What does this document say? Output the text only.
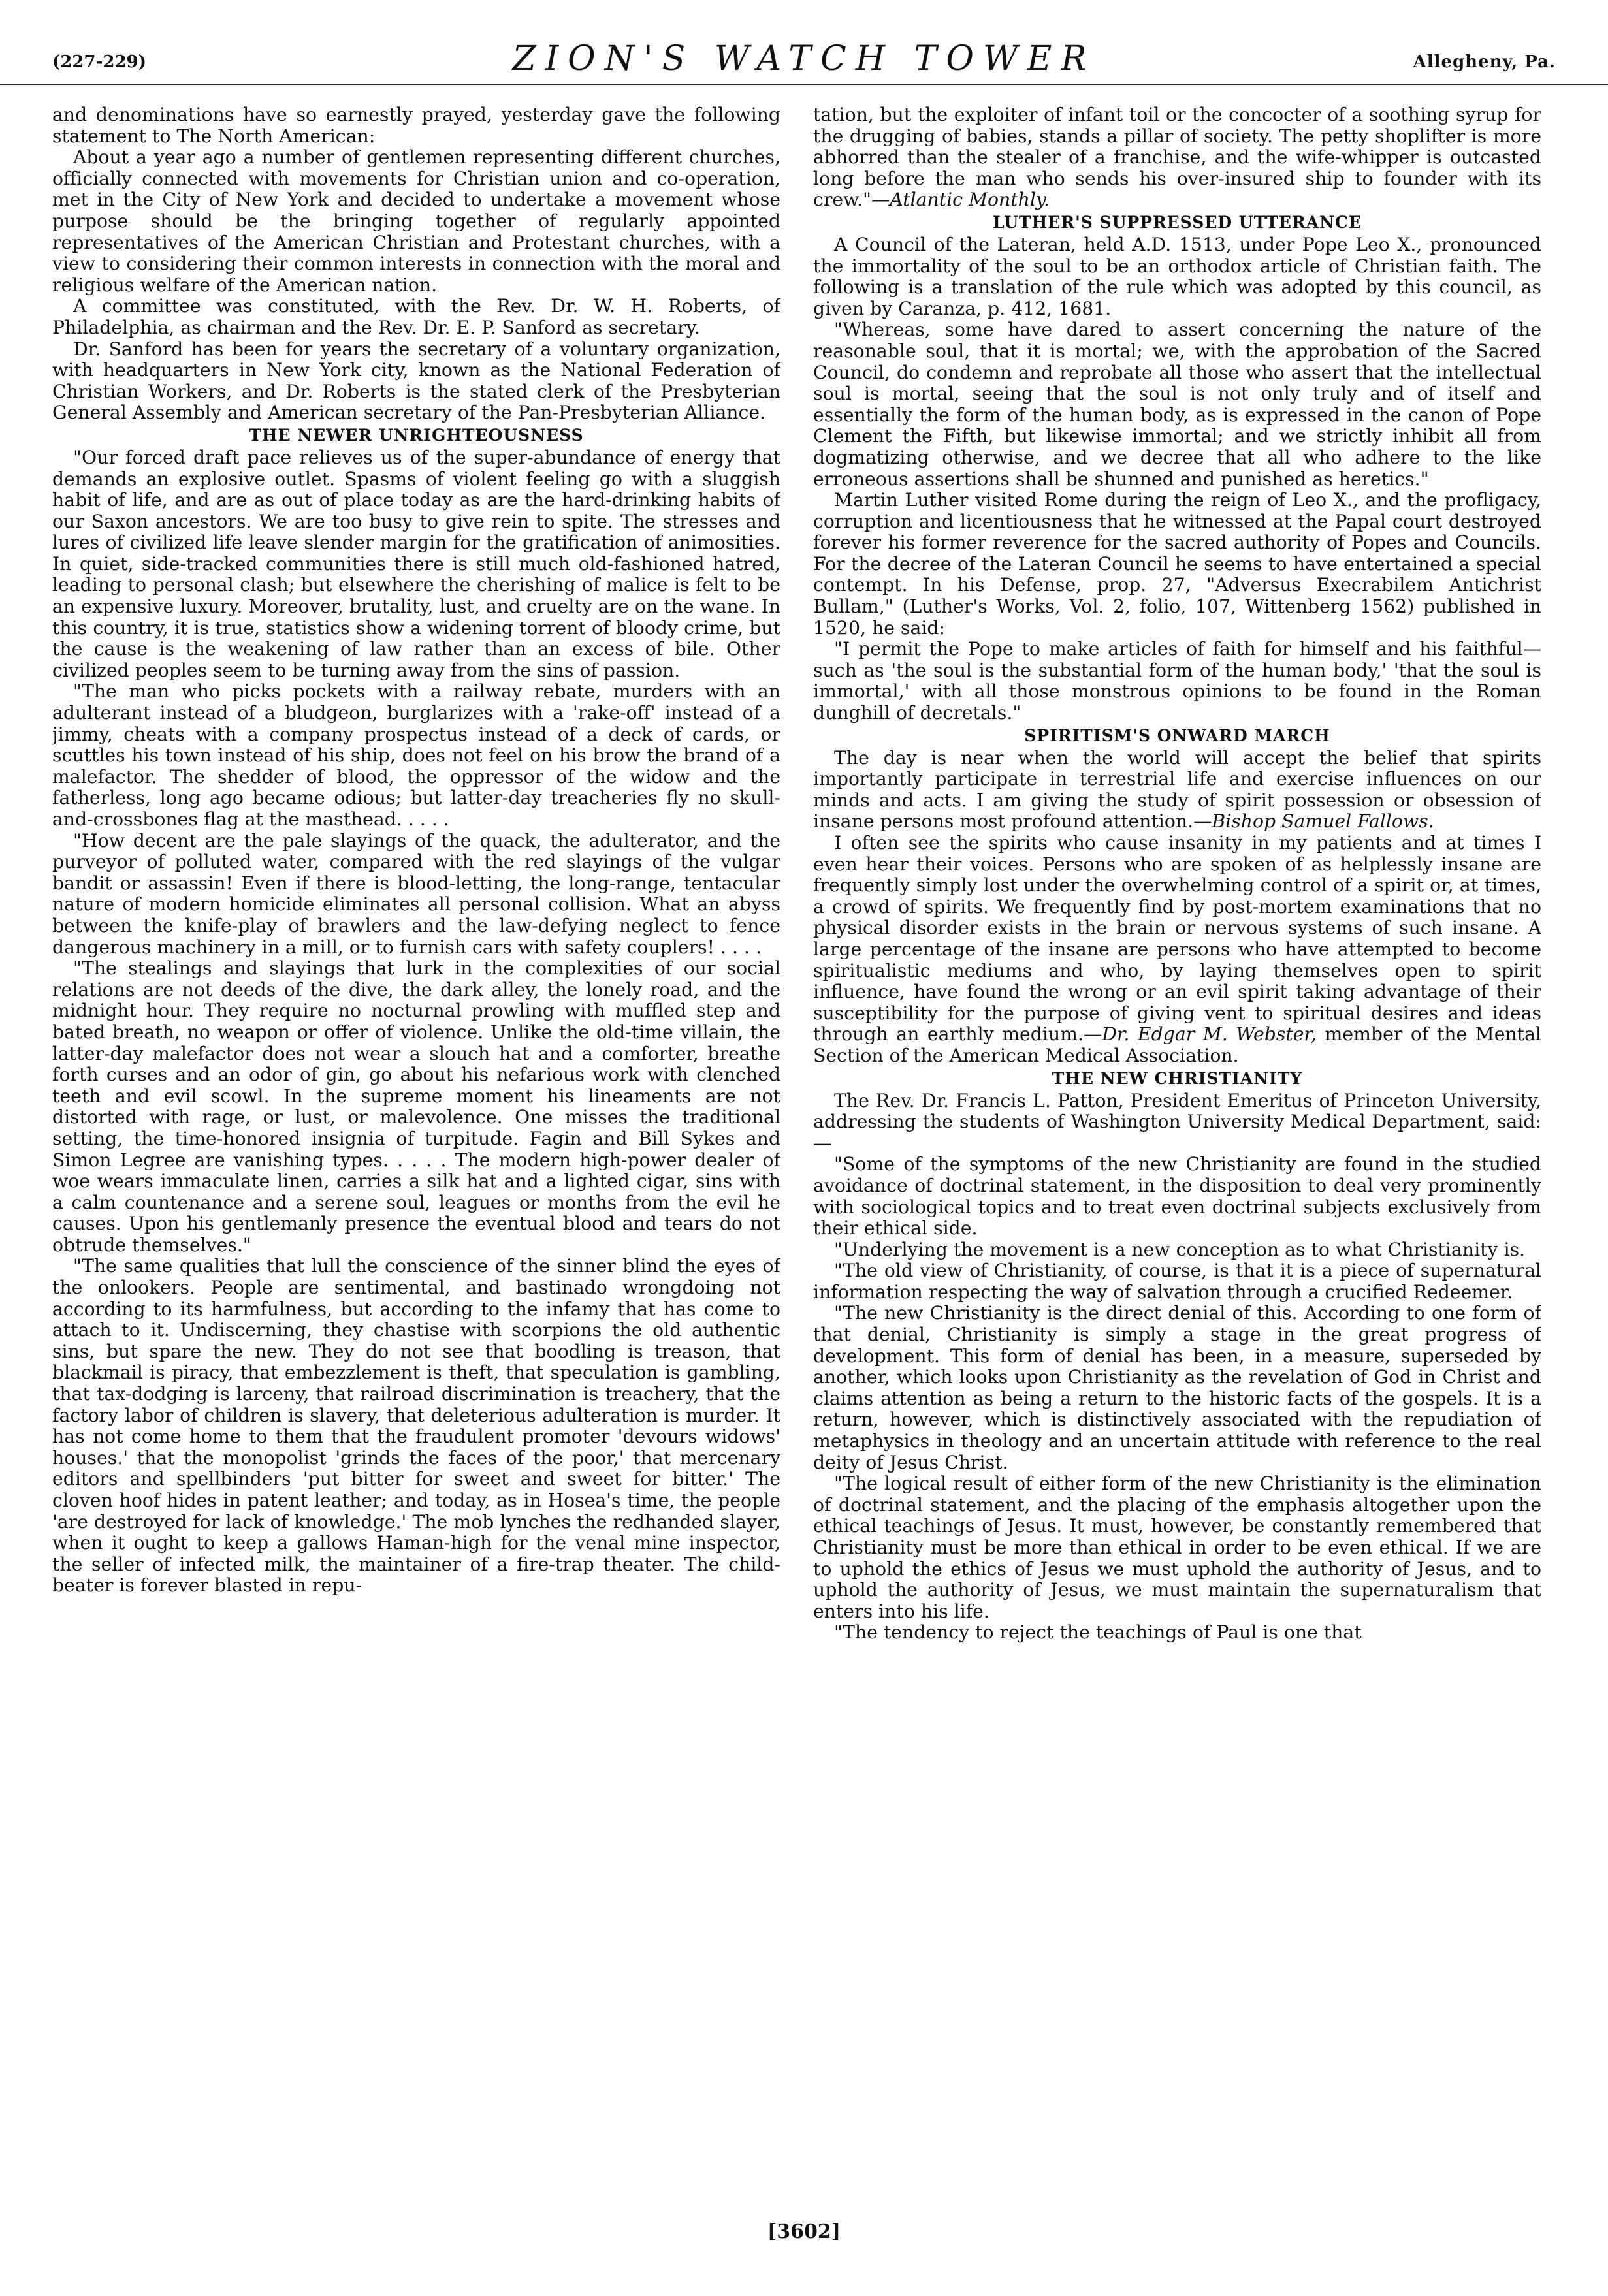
(227-229)	ZION'S WATCH TOWER	Allegheny, Pa.

and denominations have so earnestly prayed, yesterday gave the following statement to The North American:

About a year ago a number of gentlemen representing different churches, officially connected with movements for Christian union and co-operation, met in the City of New York and decided to undertake a movement whose purpose should be the bringing together of regularly appointed representatives of the American Christian and Protestant churches, with a view to considering their common interests in connection with the moral and religious welfare of the American nation.

A committee was constituted, with the Rev. Dr. W. H. Roberts, of Philadelphia, as chairman and the Rev. Dr. E. P. Sanford as secretary.

Dr. Sanford has been for years the secretary of a voluntary organization, with headquarters in New York city, known as the National Federation of Christian Workers, and Dr. Roberts is the stated clerk of the Presbyterian General Assembly and American secretary of the Pan-Presbyterian Alliance.

THE NEWER UNRIGHTEOUSNESS

"Our forced draft pace relieves us of the super-abundance of energy that demands an explosive outlet. Spasms of violent feeling go with a sluggish habit of life, and are as out of place today as are the hard-drinking habits of our Saxon ancestors. We are too busy to give rein to spite. The stresses and lures of civilized life leave slender margin for the gratification of animosities. In quiet, side-tracked communities there is still much old-fashioned hatred, leading to personal clash; but elsewhere the cherishing of malice is felt to be an expensive luxury. Moreover, brutality, lust, and cruelty are on the wane. In this country, it is true, statistics show a widening torrent of bloody crime, but the cause is the weakening of law rather than an excess of bile. Other civilized peoples seem to be turning away from the sins of passion.

"The man who picks pockets with a railway rebate, murders with an adulterant instead of a bludgeon, burglarizes with a 'rake-off' instead of a jimmy, cheats with a company prospectus instead of a deck of cards, or scuttles his town instead of his ship, does not feel on his brow the brand of a malefactor. The shedder of blood, the oppressor of the widow and the fatherless, long ago became odious; but latter-day treacheries fly no skull-and-crossbones flag at the masthead. . . . .

"How decent are the pale slayings of the quack, the adulterator, and the purveyor of polluted water, compared with the red slayings of the vulgar bandit or assassin! Even if there is blood-letting, the long-range, tentacular nature of modern homicide eliminates all personal collision. What an abyss between the knife-play of brawlers and the law-defying neglect to fence dangerous machinery in a mill, or to furnish cars with safety couplers! . . . .

"The stealings and slayings that lurk in the complexities of our social relations are not deeds of the dive, the dark alley, the lonely road, and the midnight hour. They require no nocturnal prowling with muffled step and bated breath, no weapon or offer of violence. Unlike the old-time villain, the latter-day malefactor does not wear a slouch hat and a comforter, breathe forth curses and an odor of gin, go about his nefarious work with clenched teeth and evil scowl. In the supreme moment his lineaments are not distorted with rage, or lust, or malevolence. One misses the traditional setting, the time-honored insignia of turpitude. Fagin and Bill Sykes and Simon Legree are vanishing types. . . . . The modern high-power dealer of woe wears immaculate linen, carries a silk hat and a lighted cigar, sins with a calm countenance and a serene soul, leagues or months from the evil he causes. Upon his gentlemanly presence the eventual blood and tears do not obtrude themselves."

"The same qualities that lull the conscience of the sinner blind the eyes of the onlookers. People are sentimental, and bastinado wrongdoing not according to its harmfulness, but according to the infamy that has come to attach to it. Undiscerning, they chastise with scorpions the old authentic sins, but spare the new. They do not see that boodling is treason, that blackmail is piracy, that embezzlement is theft, that speculation is gambling, that tax-dodging is larceny, that railroad discrimination is treachery, that the factory labor of children is slavery, that deleterious adulteration is murder. It has not come home to them that the fraudulent promoter 'devours widows' houses.' that the monopolist 'grinds the faces of the poor,' that mercenary editors and spellbinders 'put bitter for sweet and sweet for bitter.' The cloven hoof hides in patent leather; and today, as in Hosea's time, the people 'are destroyed for lack of knowledge.' The mob lynches the redhanded slayer, when it ought to keep a gallows Haman-high for the venal mine inspector, the seller of infected milk, the maintainer of a fire-trap theater. The child-beater is forever blasted in repu-

tation, but the exploiter of infant toil or the concocter of a soothing syrup for the drugging of babies, stands a pillar of society. The petty shoplifter is more abhorred than the stealer of a franchise, and the wife-whipper is outcasted long before the man who sends his over-insured ship to founder with its crew."—Atlantic Monthly.

LUTHER'S SUPPRESSED UTTERANCE

A Council of the Lateran, held A.D. 1513, under Pope Leo X., pronounced the immortality of the soul to be an orthodox article of Christian faith. The following is a translation of the rule which was adopted by this council, as given by Caranza, p. 412, 1681.

"Whereas, some have dared to assert concerning the nature of the reasonable soul, that it is mortal; we, with the approbation of the Sacred Council, do condemn and reprobate all those who assert that the intellectual soul is mortal, seeing that the soul is not only truly and of itself and essentially the form of the human body, as is expressed in the canon of Pope Clement the Fifth, but likewise immortal; and we strictly inhibit all from dogmatizing otherwise, and we decree that all who adhere to the like erroneous assertions shall be shunned and punished as heretics."

Martin Luther visited Rome during the reign of Leo X., and the profligacy, corruption and licentiousness that he witnessed at the Papal court destroyed forever his former reverence for the sacred authority of Popes and Councils. For the decree of the Lateran Council he seems to have entertained a special contempt. In his Defense, prop. 27, "Adversus Execrabilem Antichrist Bullam," (Luther's Works, Vol. 2, folio, 107, Wittenberg 1562) published in 1520, he said:

"I permit the Pope to make articles of faith for himself and his faithful—such as 'the soul is the substantial form of the human body,' 'that the soul is immortal,' with all those monstrous opinions to be found in the Roman dunghill of decretals."

SPIRITISM'S ONWARD MARCH

The day is near when the world will accept the belief that spirits importantly participate in terrestrial life and exercise influences on our minds and acts. I am giving the study of spirit possession or obsession of insane persons most profound attention.—Bishop Samuel Fallows.

I often see the spirits who cause insanity in my patients and at times I even hear their voices. Persons who are spoken of as helplessly insane are frequently simply lost under the overwhelming control of a spirit or, at times, a crowd of spirits. We frequently find by post-mortem examinations that no physical disorder exists in the brain or nervous systems of such insane. A large percentage of the insane are persons who have attempted to become spiritualistic mediums and who, by laying themselves open to spirit influence, have found the wrong or an evil spirit taking advantage of their susceptibility for the purpose of giving vent to spiritual desires and ideas through an earthly medium.—Dr. Edgar M. Webster, member of the Mental Section of the American Medical Association.

THE NEW CHRISTIANITY

The Rev. Dr. Francis L. Patton, President Emeritus of Princeton University, addressing the students of Washington University Medical Department, said:—

"Some of the symptoms of the new Christianity are found in the studied avoidance of doctrinal statement, in the disposition to deal very prominently with sociological topics and to treat even doctrinal subjects exclusively from their ethical side.

"Underlying the movement is a new conception as to what Christianity is.

"The old view of Christianity, of course, is that it is a piece of supernatural information respecting the way of salvation through a crucified Redeemer.

"The new Christianity is the direct denial of this. According to one form of that denial, Christianity is simply a stage in the great progress of development. This form of denial has been, in a measure, superseded by another, which looks upon Christianity as the revelation of God in Christ and claims attention as being a return to the historic facts of the gospels. It is a return, however, which is distinctively associated with the repudiation of metaphysics in theology and an uncertain attitude with reference to the real deity of Jesus Christ.

"The logical result of either form of the new Christianity is the elimination of doctrinal statement, and the placing of the emphasis altogether upon the ethical teachings of Jesus. It must, however, be constantly remembered that Christianity must be more than ethical in order to be even ethical. If we are to uphold the ethics of Jesus we must uphold the authority of Jesus, and to uphold the authority of Jesus, we must maintain the supernaturalism that enters into his life.

"The tendency to reject the teachings of Paul is one that

[3602]
